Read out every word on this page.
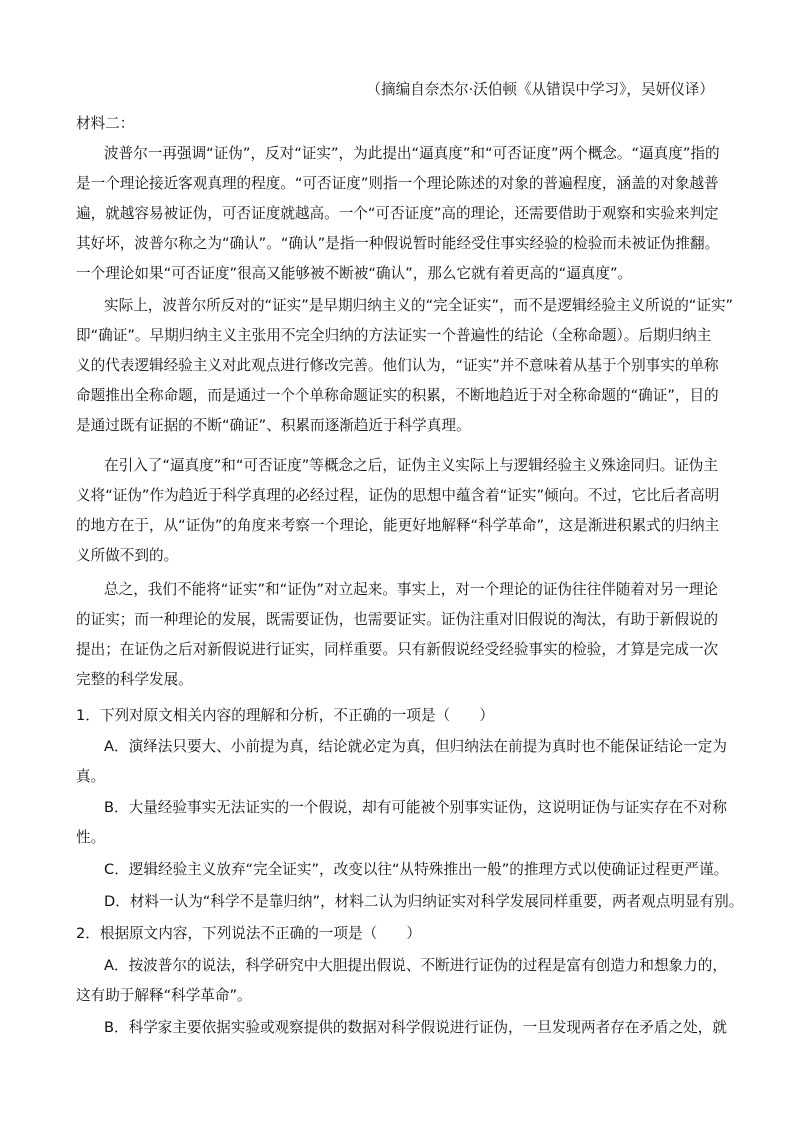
（摘编自奈杰尔·沃伯顿《从错误中学习》，吴妍仪译）
材料二：
波普尔一再强调“证伪”，反对“证实”，为此提出“逼真度”和“可否证度”两个概念。“逼真度”指的
是一个理论接近客观真理的程度。“可否证度”则指一个理论陈述的对象的普遍程度，涵盖的对象越普
遍，就越容易被证伪，可否证度就越高。一个“可否证度”高的理论，还需要借助于观察和实验来判定
其好坏，波普尔称之为“确认”。“确认”是指一种假说暂时能经受住事实经验的检验而未被证伪推翻。
一个理论如果“可否证度”很高又能够被不断被“确认”，那么它就有着更高的“逼真度”。
实际上，波普尔所反对的“证实”是早期归纳主义的“完全证实”，而不是逻辑经验主义所说的“证实”
即“确证”。早期归纳主义主张用不完全归纳的方法证实一个普遍性的结论（全称命题）。后期归纳主
义的代表逻辑经验主义对此观点进行修改完善。他们认为，“证实”并不意味着从基于个别事实的单称
命题推出全称命题，而是通过一个个单称命题证实的积累，不断地趋近于对全称命题的“确证”，目的
是通过既有证据的不断“确证”、积累而逐渐趋近于科学真理。
在引入了“逼真度”和“可否证度”等概念之后，证伪主义实际上与逻辑经验主义殊途同归。证伪主
义将“证伪”作为趋近于科学真理的必经过程，证伪的思想中蕴含着“证实”倾向。不过，它比后者高明
的地方在于，从“证伪”的角度来考察一个理论，能更好地解释“科学革命”，这是渐进积累式的归纳主
义所做不到的。
总之，我们不能将“证实”和“证伪”对立起来。事实上，对一个理论的证伪往往伴随着对另一理论
的证实；而一种理论的发展，既需要证伪，也需要证实。证伪注重对旧假说的淘汰，有助于新假说的
提出；在证伪之后对新假说进行证实，同样重要。只有新假说经受经验事实的检验，才算是完成一次
完整的科学发展。
1．下列对原文相关内容的理解和分析，不正确的一项是（　　）
A．演绎法只要大、小前提为真，结论就必定为真，但归纳法在前提为真时也不能保证结论一定为
真。
B．大量经验事实无法证实的一个假说，却有可能被个别事实证伪，这说明证伪与证实存在不对称
性。
C．逻辑经验主义放弃“完全证实”，改变以往“从特殊推出一般”的推理方式以使确证过程更严谨。
D．材料一认为“科学不是靠归纳”，材料二认为归纳证实对科学发展同样重要，两者观点明显有别。
2．根据原文内容，下列说法不正确的一项是（　　）
A．按波普尔的说法，科学研究中大胆提出假说、不断进行证伪的过程是富有创造力和想象力的，
这有助于解释“科学革命”。
B．科学家主要依据实验或观察提供的数据对科学假说进行证伪，一旦发现两者存在矛盾之处，就
